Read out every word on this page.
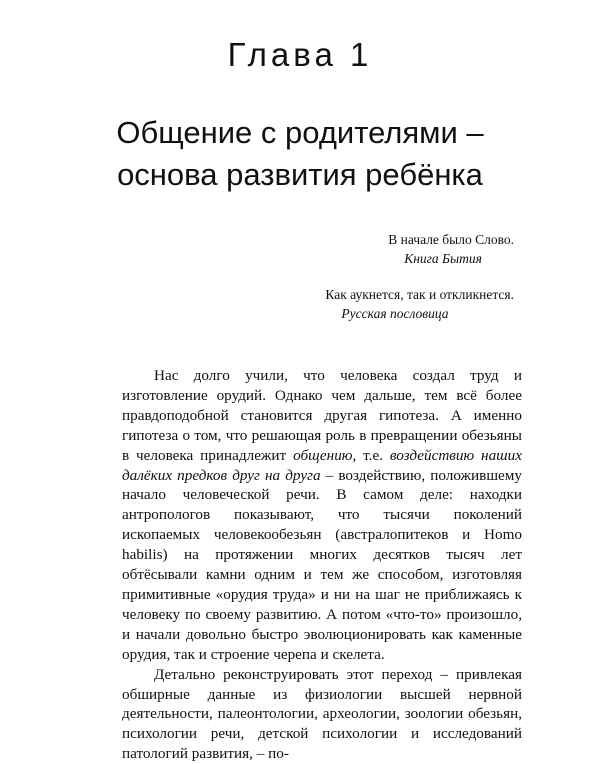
Глава 1
Общение с родителями –
основа развития ребёнка
В начале было Слово.
Книга Бытия
Как аукнется, так и откликнется.
Русская пословица

Нас долго учили, что человека создал труд и изготовление орудий. Однако чем дальше, тем всё более правдоподобной становится другая гипотеза. А именно гипотеза о том, что решающая роль в превращении обезьяны в человека принадлежит общению, т.е. воздействию наших далёких предков друг на друга – воздействию, положившему начало человеческой речи. В самом деле: находки антропологов показывают, что тысячи поколений ископаемых человекообезьян (австралопитеков и Homo habilis) на протяжении многих десятков тысяч лет обтёсывали камни одним и тем же способом, изготовляя примитивные «орудия труда» и ни на шаг не приближаясь к человеку по своему развитию. А потом «что-то» произошло, и начали довольно быстро эволюционировать как каменные орудия, так и строение черепа и скелета.

Детально реконструировать этот переход – привлекая обширные данные из физиологии высшей нервной деятельности, палеонтологии, археологии, зоологии обезьян, психологии речи, детской психологии и исследований патологий развития, – по-
